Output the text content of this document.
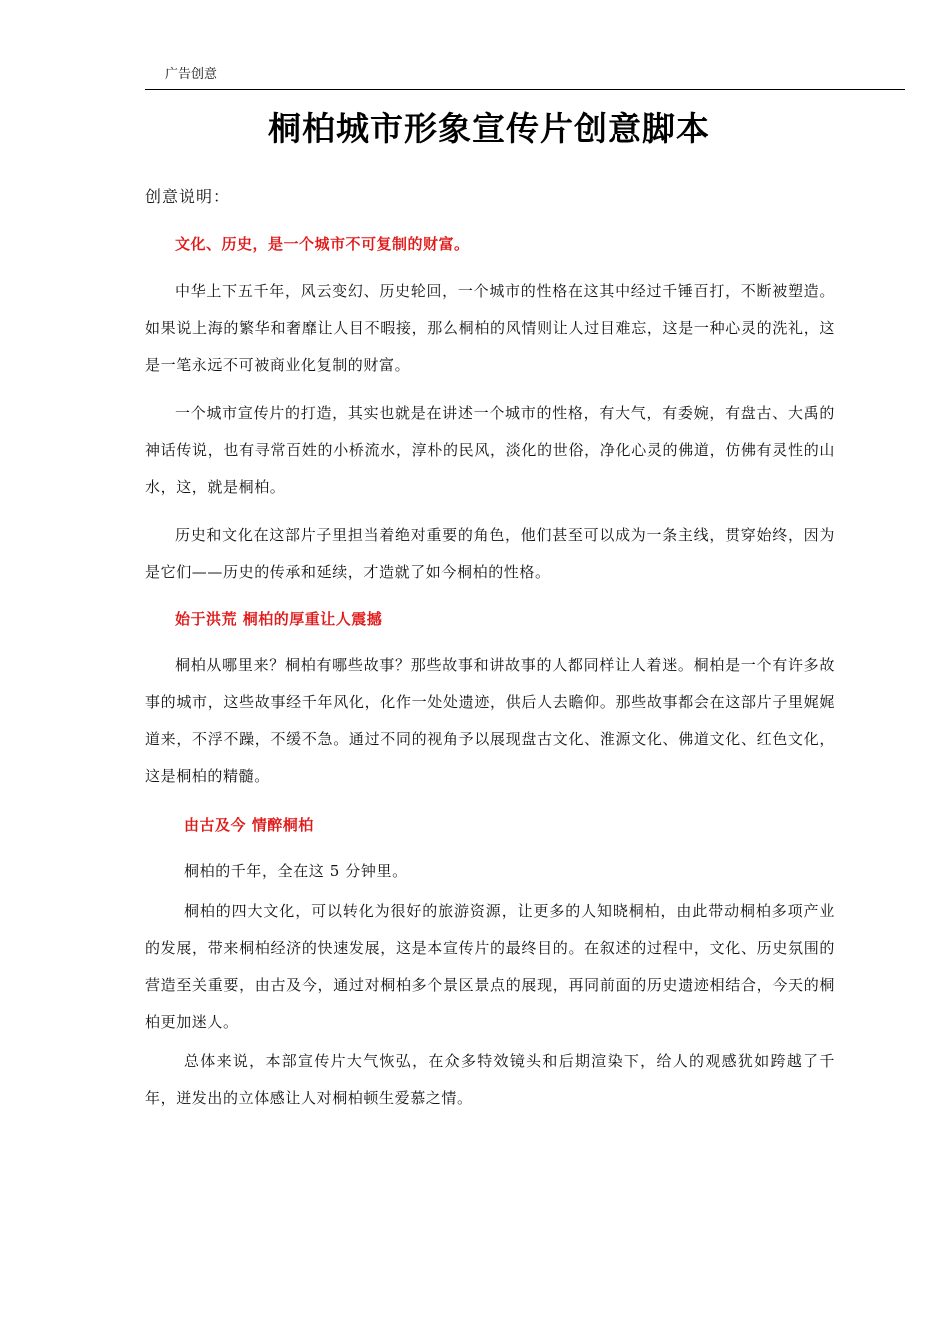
广告创意
桐柏城市形象宣传片创意脚本
创意说明：
文化、历史，是一个城市不可复制的财富。

中华上下五千年，风云变幻、历史轮回，一个城市的性格在这其中经过千锤百打，不断被塑造。如果说上海的繁华和奢靡让人目不暇接，那么桐柏的风情则让人过目难忘，这是一种心灵的洗礼，这是一笔永远不可被商业化复制的财富。

一个城市宣传片的打造，其实也就是在讲述一个城市的性格，有大气，有委婉，有盘古、大禹的神话传说，也有寻常百姓的小桥流水，淳朴的民风，淡化的世俗，净化心灵的佛道，仿佛有灵性的山水，这，就是桐柏。

历史和文化在这部片子里担当着绝对重要的角色，他们甚至可以成为一条主线，贯穿始终，因为是它们——历史的传承和延续，才造就了如今桐柏的性格。

始于洪荒 桐柏的厚重让人震撼

桐柏从哪里来？桐柏有哪些故事？那些故事和讲故事的人都同样让人着迷。桐柏是一个有许多故事的城市，这些故事经千年风化，化作一处处遗迹，供后人去瞻仰。那些故事都会在这部片子里娓娓道来，不浮不躁，不缓不急。通过不同的视角予以展现盘古文化、淮源文化、佛道文化、红色文化，这是桐柏的精髓。

由古及今 情醉桐柏

桐柏的千年，全在这 5 分钟里。

桐柏的四大文化，可以转化为很好的旅游资源，让更多的人知晓桐柏，由此带动桐柏多项产业的发展，带来桐柏经济的快速发展，这是本宣传片的最终目的。在叙述的过程中，文化、历史氛围的营造至关重要，由古及今，通过对桐柏多个景区景点的展现，再同前面的历史遗迹相结合，今天的桐柏更加迷人。

总体来说，本部宣传片大气恢弘，在众多特效镜头和后期渲染下，给人的观感犹如跨越了千年，迸发出的立体感让人对桐柏顿生爱慕之情。
